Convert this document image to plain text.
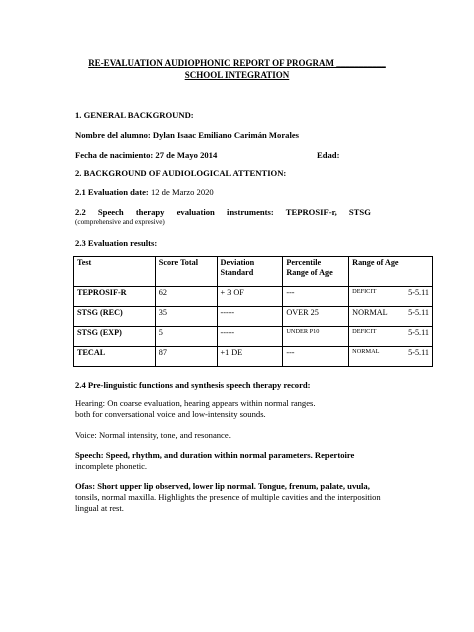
RE-EVALUATION AUDIOPHONIC REPORT OF PROGRAM ___________
SCHOOL INTEGRATION
1. GENERAL BACKGROUND:
Nombre del alumno: Dylan Isaac Emiliano Carimán Morales
Fecha de nacimiento: 27 de Mayo 2014	Edad:
2. BACKGROUND OF AUDIOLOGICAL ATTENTION:
2.1 Evaluation date: 12 de Marzo 2020
2.2 Speech therapy evaluation instruments: TEPROSIF-r, STSG
(comprehensive and expresive)
2.3 Evaluation results:
Test	Score Total	Deviation Standard	Percentile Range of Age	Range of Age
TEPROSIF-R	62	+ 3 OF	---	DEFICIT 5-5.11

STSG (REC)	35	-----	OVER 25	NORMAL 5-5.11

STSG (EXP)	5	-----	UNDER P10	DEFICIT 5-5.11

TECAL	87	+1 DE	---	NORMAL 5-5.11
2.4 Pre-linguistic functions and synthesis speech therapy record:
Hearing: On coarse evaluation, hearing appears within normal ranges.
both for conversational voice and low-intensity sounds.
Voice: Normal intensity, tone, and resonance.
Speech: Speed, rhythm, and duration within normal parameters. Repertoire
incomplete phonetic.
Ofas: Short upper lip observed, lower lip normal. Tongue, frenum, palate, uvula,
tonsils, normal maxilla. Highlights the presence of multiple cavities and the interposition
lingual at rest.
